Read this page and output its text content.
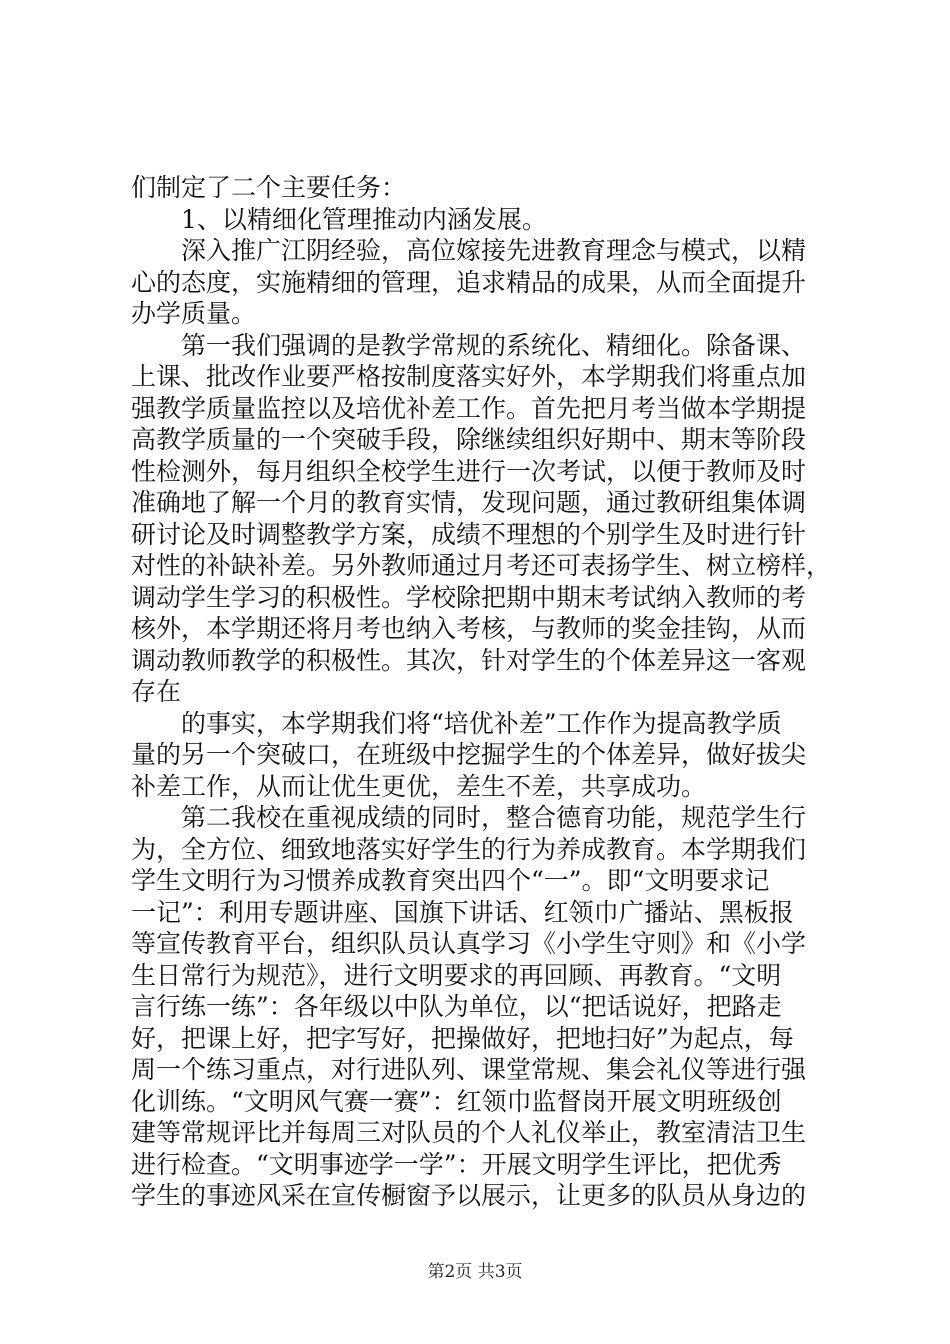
们制定了二个主要任务：
1、以精细化管理推动内涵发展。
深入推广江阴经验，高位嫁接先进教育理念与模式，以精
心的态度，实施精细的管理，追求精品的成果，从而全面提升
办学质量。
第一我们强调的是教学常规的系统化、精细化。除备课、
上课、批改作业要严格按制度落实好外，本学期我们将重点加
强教学质量监控以及培优补差工作。首先把月考当做本学期提
高教学质量的一个突破手段，除继续组织好期中、期末等阶段
性检测外，每月组织全校学生进行一次考试，以便于教师及时
准确地了解一个月的教育实情，发现问题，通过教研组集体调
研讨论及时调整教学方案，成绩不理想的个别学生及时进行针
对性的补缺补差。另外教师通过月考还可表扬学生、树立榜样，
调动学生学习的积极性。学校除把期中期末考试纳入教师的考
核外，本学期还将月考也纳入考核，与教师的奖金挂钩，从而
调动教师教学的积极性。其次，针对学生的个体差异这一客观
存在
的事实，本学期我们将“培优补差”工作作为提高教学质
量的另一个突破口，在班级中挖掘学生的个体差异，做好拔尖
补差工作，从而让优生更优，差生不差，共享成功。
第二我校在重视成绩的同时，整合德育功能，规范学生行
为，全方位、细致地落实好学生的行为养成教育。本学期我们
学生文明行为习惯养成教育突出四个“一”。即“文明要求记
一记”：利用专题讲座、国旗下讲话、红领巾广播站、黑板报
等宣传教育平台，组织队员认真学习《小学生守则》和《小学
生日常行为规范》，进行文明要求的再回顾、再教育。“文明
言行练一练”：各年级以中队为单位，以“把话说好，把路走
好，把课上好，把字写好，把操做好，把地扫好”为起点，每
周一个练习重点，对行进队列、课堂常规、集会礼仪等进行强
化训练。“文明风气赛一赛”：红领巾监督岗开展文明班级创
建等常规评比并每周三对队员的个人礼仪举止，教室清洁卫生
进行检查。“文明事迹学一学”：开展文明学生评比，把优秀
学生的事迹风采在宣传橱窗予以展示，让更多的队员从身边的
第2页 共3页
